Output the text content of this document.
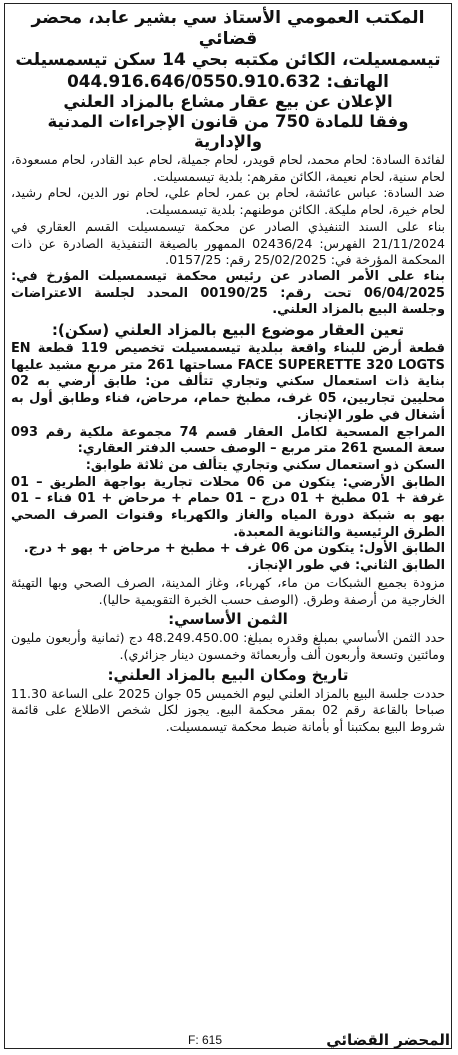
المكتب العمومي الأستاذ سي بشير عابد، محضر قضائي

تيسمسيلت، الكائن مكتبه بحي 14 سكن تيسمسيلت

الهاتف: 044.916.646/0550.910.632

الإعلان عن بيع عقار مشاع بالمزاد العلني

وفقا للمادة 750 من قانون الإجراءات المدنية والإدارية

لفائدة السادة: لحام محمد، لحام قويدر، لحام جميلة، لحام عبد القادر، لحام مسعودة، لحام سنية، لحام نعيمة، الكائن مقرهم: بلدية تيسمسيلت.

ضد السادة: عباس عائشة، لحام بن عمر، لحام علي، لحام نور الدين، لحام رشيد، لحام خيرة، لحام مليكة. الكائن موطنهم: بلدية تيسمسيلت.

بناء على السند التنفيذي الصادر عن محكمة تيسمسيلت القسم العقاري في 21/11/2024 الفهرس: 02436/24 الممهور بالصيغة التنفيذية الصادرة عن ذات المحكمة المؤرخة في: 25/02/2025 رقم: 0157/25.

بناء على الأمر الصادر عن رئيس محكمة تيسمسيلت المؤرخ في: 06/04/2025 تحت رقم: 00190/25 المحدد لجلسة الاعتراضات وجلسة البيع بالمزاد العلني.

تعين العقار موضوع البيع بالمزاد العلني (سكن):

قطعة أرض للبناء واقعة ببلدية تيسمسيلت تخصيص 119 قطعة EN FACE SUPERETTE 320 LOGTS مساحتها 261 متر مربع مشيد عليها بناية ذات استعمال سكني وتجاري تتألف من: طابق أرضي به 02 محليين تجاريين، 05 غرف، مطبخ حمام، مرحاض، فناء وطابق أول به أشغال في طور الإنجاز.

المراجع المسحية لكامل العقار قسم 74 مجموعة ملكية رقم 093 سعة المسح 261 متر مربع – الوصف حسب الدفتر العقاري:

السكن ذو استعمال سكني وتجاري يتألف من ثلاثة طوابق:

الطابق الأرضي: يتكون من 06 محلات تجارية بواجهة الطريق – 01 غرفة + 01 مطبخ + 01 درج – 01 حمام + مرحاض + 01 فناء – 01 بهو به شبكة دورة المياه والغاز والكهرباء وقنوات الصرف الصحي الطرق الرئيسية والثانوية المعبدة.

الطابق الأول: يتكون من 06 غرف + مطبخ + مرحاض + بهو + درج.

الطابق الثاني: في طور الإنجاز.

مزودة بجميع الشبكات من ماء، كهرباء، وغاز المدينة، الصرف الصحي وبها التهيئة الخارجية من أرصفة وطرق. (الوصف حسب الخبرة التقويمية حاليا).

الثمن الأساسي:

حدد الثمن الأساسي بمبلغ وقدره بمبلغ: 48.249.450.00 دج (ثمانية وأربعون مليون ومائتين وتسعة وأربعون ألف وأربعمائة وخمسون دينار جزائري).

تاريخ ومكان البيع بالمزاد العلني:

حددت جلسة البيع بالمزاد العلني ليوم الخميس 05 جوان 2025 على الساعة 11.30 صباحا بالقاعة رقم 02 بمقر محكمة البيع. يجوز لكل شخص الاطلاع على قائمة شروط البيع بمكتبنا أو بأمانة ضبط محكمة تيسمسيلت.

F: 615	المحضر القضائي
